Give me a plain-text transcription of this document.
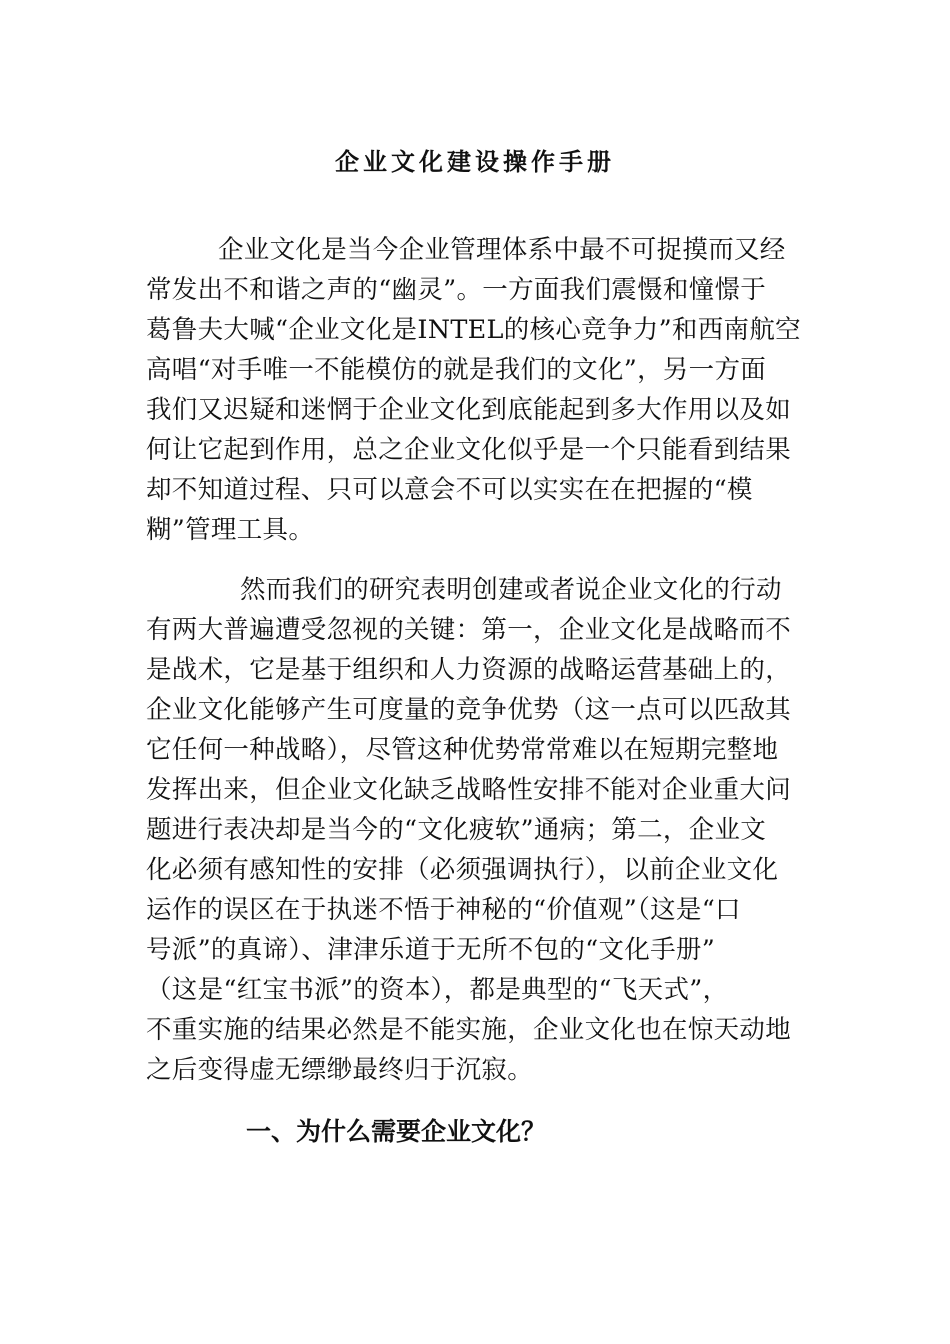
企业文化建设操作手册
企业文化是当今企业管理体系中最不可捉摸而又经
常发出不和谐之声的“幽灵”。一方面我们震慑和憧憬于
葛鲁夫大喊“企业文化是INTEL的核心竞争力”和西南航空
高唱“对手唯一不能模仿的就是我们的文化”，另一方面
我们又迟疑和迷惘于企业文化到底能起到多大作用以及如
何让它起到作用，总之企业文化似乎是一个只能看到结果
却不知道过程、只可以意会不可以实实在在把握的“模
糊”管理工具。
然而我们的研究表明创建或者说企业文化的行动
有两大普遍遭受忽视的关键：第一，企业文化是战略而不
是战术，它是基于组织和人力资源的战略运营基础上的，
企业文化能够产生可度量的竞争优势（这一点可以匹敌其
它任何一种战略），尽管这种优势常常难以在短期完整地
发挥出来，但企业文化缺乏战略性安排不能对企业重大问
题进行表决却是当今的“文化疲软”通病；第二，企业文
化必须有感知性的安排（必须强调执行），以前企业文化
运作的误区在于执迷不悟于神秘的“价值观”（这是“口
号派”的真谛）、津津乐道于无所不包的“文化手册”
（这是“红宝书派”的资本），都是典型的“飞天式”，
不重实施的结果必然是不能实施，企业文化也在惊天动地
之后变得虚无缥缈最终归于沉寂。
一、为什么需要企业文化？
